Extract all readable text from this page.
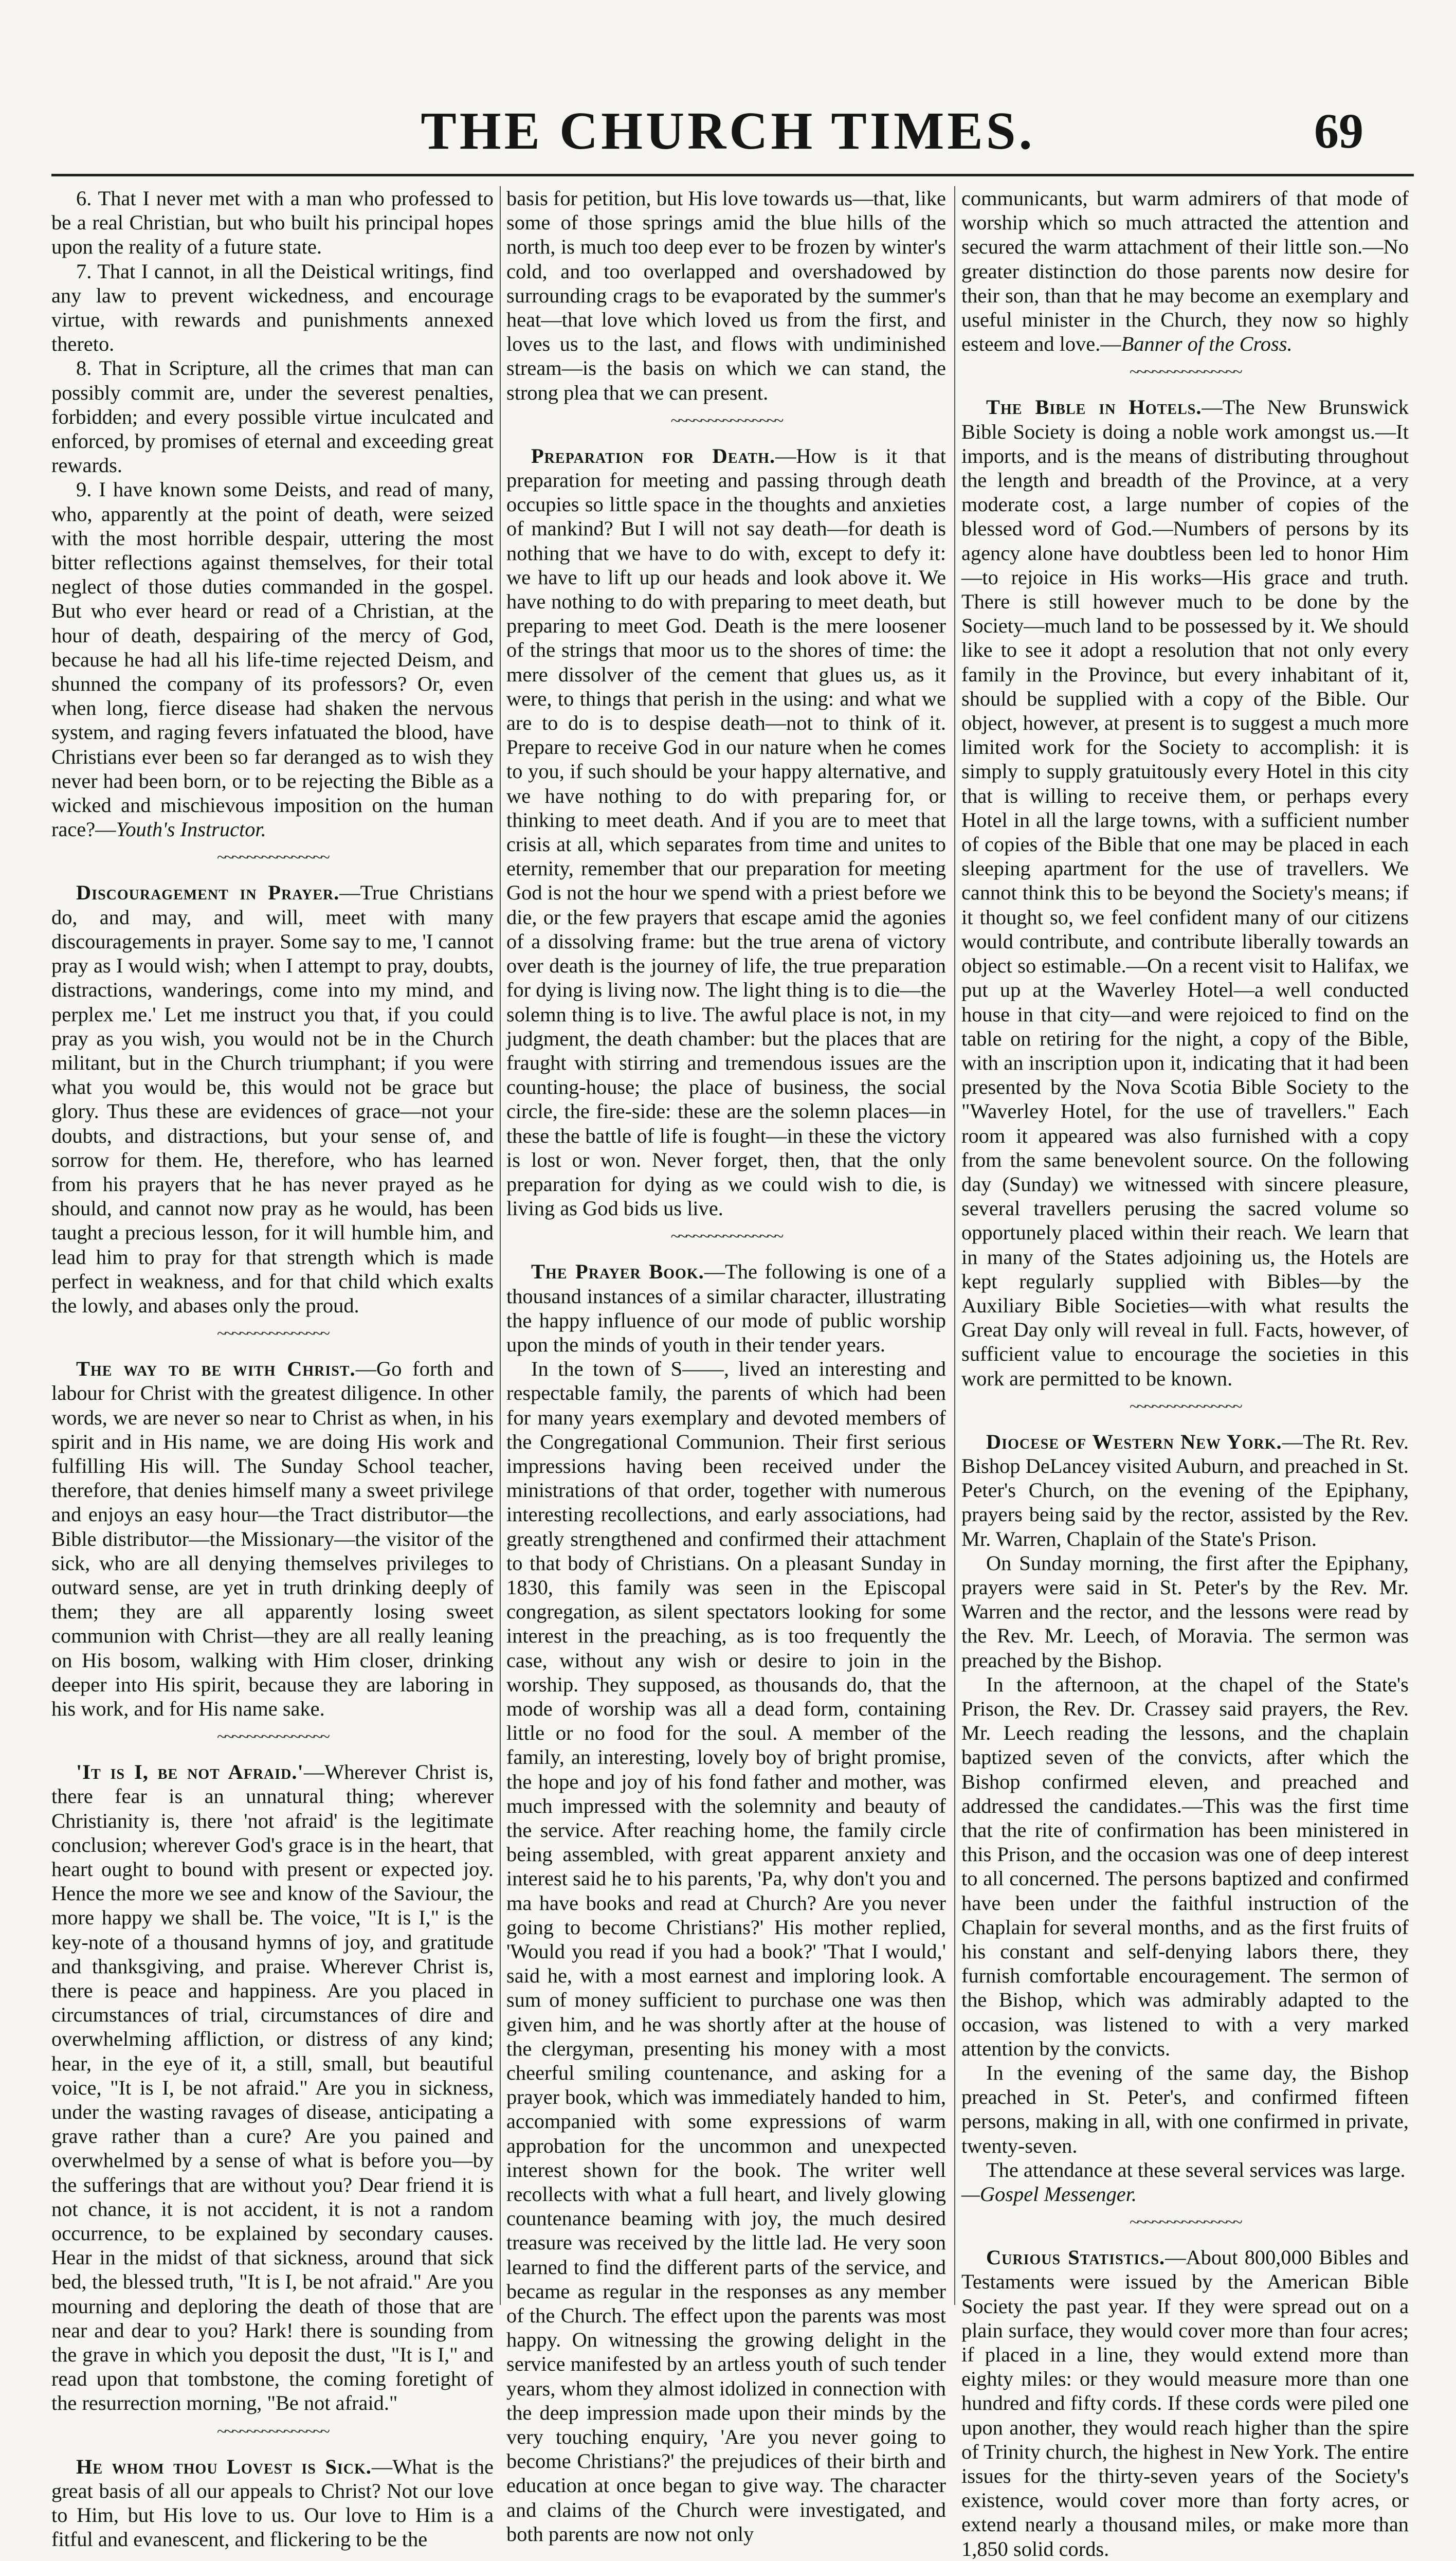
THE CHURCH TIMES.	69

6. That I never met with a man who professed to be a real Christian, but who built his principal hopes upon the reality of a future state.

7. That I cannot, in all the Deistical writings, find any law to prevent wickedness, and encourage virtue, with rewards and punishments annexed thereto.

8. That in Scripture, all the crimes that man can possibly commit are, under the severest penalties, forbidden; and every possible virtue inculcated and enforced, by promises of eternal and exceeding great rewards.

9. I have known some Deists, and read of many, who, apparently at the point of death, were seized with the most horrible despair, uttering the most bitter reflections against themselves, for their total neglect of those duties commanded in the gospel. But who ever heard or read of a Christian, at the hour of death, despairing of the mercy of God, because he had all his life-time rejected Deism, and shunned the company of its professors? Or, even when long, fierce disease had shaken the nervous system, and raging fevers infatuated the blood, have Christians ever been so far deranged as to wish they never had been born, or to be rejecting the Bible as a wicked and mischievous imposition on the human race?—Youth's Instructor.

~~~~~~~~~~~~~~~

Discouragement in Prayer.—True Christians do, and may, and will, meet with many discouragements in prayer. Some say to me, 'I cannot pray as I would wish; when I attempt to pray, doubts, distractions, wanderings, come into my mind, and perplex me.' Let me instruct you that, if you could pray as you wish, you would not be in the Church militant, but in the Church triumphant; if you were what you would be, this would not be grace but glory. Thus these are evidences of grace—not your doubts, and distractions, but your sense of, and sorrow for them. He, therefore, who has learned from his prayers that he has never prayed as he should, and cannot now pray as he would, has been taught a precious lesson, for it will humble him, and lead him to pray for that strength which is made perfect in weakness, and for that child which exalts the lowly, and abases only the proud.

~~~~~~~~~~~~~~~

The way to be with Christ.—Go forth and labour for Christ with the greatest diligence. In other words, we are never so near to Christ as when, in his spirit and in His name, we are doing His work and fulfilling His will. The Sunday School teacher, therefore, that denies himself many a sweet privilege and enjoys an easy hour—the Tract distributor—the Bible distributor—the Missionary—the visitor of the sick, who are all denying themselves privileges to outward sense, are yet in truth drinking deeply of them; they are all apparently losing sweet communion with Christ—they are all really leaning on His bosom, walking with Him closer, drinking deeper into His spirit, because they are laboring in his work, and for His name sake.

~~~~~~~~~~~~~~~

'It is I, be not Afraid.'—Wherever Christ is, there fear is an unnatural thing; wherever Christianity is, there 'not afraid' is the legitimate conclusion; wherever God's grace is in the heart, that heart ought to bound with present or expected joy. Hence the more we see and know of the Saviour, the more happy we shall be. The voice, "It is I," is the key-note of a thousand hymns of joy, and gratitude and thanksgiving, and praise. Wherever Christ is, there is peace and happiness. Are you placed in circumstances of trial, circumstances of dire and overwhelming affliction, or distress of any kind; hear, in the eye of it, a still, small, but beautiful voice, "It is I, be not afraid." Are you in sickness, under the wasting ravages of disease, anticipating a grave rather than a cure? Are you pained and overwhelmed by a sense of what is before you—by the sufferings that are without you? Dear friend it is not chance, it is not accident, it is not a random occurrence, to be explained by secondary causes. Hear in the midst of that sickness, around that sick bed, the blessed truth, "It is I, be not afraid." Are you mourning and deploring the death of those that are near and dear to you? Hark! there is sounding from the grave in which you deposit the dust, "It is I," and read upon that tombstone, the coming foretight of the resurrection morning, "Be not afraid."

~~~~~~~~~~~~~~~

He whom thou Lovest is Sick.—What is the great basis of all our appeals to Christ? Not our love to Him, but His love to us. Our love to Him is a fitful and evanescent, and flickering to be the

basis for petition, but His love towards us—that, like some of those springs amid the blue hills of the north, is much too deep ever to be frozen by winter's cold, and too overlapped and overshadowed by surrounding crags to be evaporated by the summer's heat—that love which loved us from the first, and loves us to the last, and flows with undiminished stream—is the basis on which we can stand, the strong plea that we can present.

~~~~~~~~~~~~~~~

Preparation for Death.—How is it that preparation for meeting and passing through death occupies so little space in the thoughts and anxieties of mankind? But I will not say death—for death is nothing that we have to do with, except to defy it: we have to lift up our heads and look above it. We have nothing to do with preparing to meet death, but preparing to meet God. Death is the mere loosener of the strings that moor us to the shores of time: the mere dissolver of the cement that glues us, as it were, to things that perish in the using: and what we are to do is to despise death—not to think of it. Prepare to receive God in our nature when he comes to you, if such should be your happy alternative, and we have nothing to do with preparing for, or thinking to meet death. And if you are to meet that crisis at all, which separates from time and unites to eternity, remember that our preparation for meeting God is not the hour we spend with a priest before we die, or the few prayers that escape amid the agonies of a dissolving frame: but the true arena of victory over death is the journey of life, the true preparation for dying is living now. The light thing is to die—the solemn thing is to live. The awful place is not, in my judgment, the death chamber: but the places that are fraught with stirring and tremendous issues are the counting-house; the place of business, the social circle, the fire-side: these are the solemn places—in these the battle of life is fought—in these the victory is lost or won. Never forget, then, that the only preparation for dying as we could wish to die, is living as God bids us live.

~~~~~~~~~~~~~~~

The Prayer Book.—The following is one of a thousand instances of a similar character, illustrating the happy influence of our mode of public worship upon the minds of youth in their tender years.

In the town of S——, lived an interesting and respectable family, the parents of which had been for many years exemplary and devoted members of the Congregational Communion. Their first serious impressions having been received under the ministrations of that order, together with numerous interesting recollections, and early associations, had greatly strengthened and confirmed their attachment to that body of Christians. On a pleasant Sunday in 1830, this family was seen in the Episcopal congregation, as silent spectators looking for some interest in the preaching, as is too frequently the case, without any wish or desire to join in the worship. They supposed, as thousands do, that the mode of worship was all a dead form, containing little or no food for the soul. A member of the family, an interesting, lovely boy of bright promise, the hope and joy of his fond father and mother, was much impressed with the solemnity and beauty of the service. After reaching home, the family circle being assembled, with great apparent anxiety and interest said he to his parents, 'Pa, why don't you and ma have books and read at Church? Are you never going to become Christians?' His mother replied, 'Would you read if you had a book?' 'That I would,' said he, with a most earnest and imploring look. A sum of money sufficient to purchase one was then given him, and he was shortly after at the house of the clergyman, presenting his money with a most cheerful smiling countenance, and asking for a prayer book, which was immediately handed to him, accompanied with some expressions of warm approbation for the uncommon and unexpected interest shown for the book. The writer well recollects with what a full heart, and lively glowing countenance beaming with joy, the much desired treasure was received by the little lad. He very soon learned to find the different parts of the service, and became as regular in the responses as any member of the Church. The effect upon the parents was most happy. On witnessing the growing delight in the service manifested by an artless youth of such tender years, whom they almost idolized in connection with the deep impression made upon their minds by the very touching enquiry, 'Are you never going to become Christians?' the prejudices of their birth and education at once began to give way. The character and claims of the Church were investigated, and both parents are now not only

communicants, but warm admirers of that mode of worship which so much attracted the attention and secured the warm attachment of their little son.—No greater distinction do those parents now desire for their son, than that he may become an exemplary and useful minister in the Church, they now so highly esteem and love.—Banner of the Cross.

~~~~~~~~~~~~~~~

The Bible in Hotels.—The New Brunswick Bible Society is doing a noble work amongst us.—It imports, and is the means of distributing throughout the length and breadth of the Province, at a very moderate cost, a large number of copies of the blessed word of God.—Numbers of persons by its agency alone have doubtless been led to honor Him—to rejoice in His works—His grace and truth. There is still however much to be done by the Society—much land to be possessed by it. We should like to see it adopt a resolution that not only every family in the Province, but every inhabitant of it, should be supplied with a copy of the Bible. Our object, however, at present is to suggest a much more limited work for the Society to accomplish: it is simply to supply gratuitously every Hotel in this city that is willing to receive them, or perhaps every Hotel in all the large towns, with a sufficient number of copies of the Bible that one may be placed in each sleeping apartment for the use of travellers. We cannot think this to be beyond the Society's means; if it thought so, we feel confident many of our citizens would contribute, and contribute liberally towards an object so estimable.—On a recent visit to Halifax, we put up at the Waverley Hotel—a well conducted house in that city—and were rejoiced to find on the table on retiring for the night, a copy of the Bible, with an inscription upon it, indicating that it had been presented by the Nova Scotia Bible Society to the "Waverley Hotel, for the use of travellers." Each room it appeared was also furnished with a copy from the same benevolent source. On the following day (Sunday) we witnessed with sincere pleasure, several travellers perusing the sacred volume so opportunely placed within their reach. We learn that in many of the States adjoining us, the Hotels are kept regularly supplied with Bibles—by the Auxiliary Bible Societies—with what results the Great Day only will reveal in full. Facts, however, of sufficient value to encourage the societies in this work are permitted to be known.

~~~~~~~~~~~~~~~

Diocese of Western New York.—The Rt. Rev. Bishop DeLancey visited Auburn, and preached in St. Peter's Church, on the evening of the Epiphany, prayers being said by the rector, assisted by the Rev. Mr. Warren, Chaplain of the State's Prison.

On Sunday morning, the first after the Epiphany, prayers were said in St. Peter's by the Rev. Mr. Warren and the rector, and the lessons were read by the Rev. Mr. Leech, of Moravia. The sermon was preached by the Bishop.

In the afternoon, at the chapel of the State's Prison, the Rev. Dr. Crassey said prayers, the Rev. Mr. Leech reading the lessons, and the chaplain baptized seven of the convicts, after which the Bishop confirmed eleven, and preached and addressed the candidates.—This was the first time that the rite of confirmation has been ministered in this Prison, and the occasion was one of deep interest to all concerned. The persons baptized and confirmed have been under the faithful instruction of the Chaplain for several months, and as the first fruits of his constant and self-denying labors there, they furnish comfortable encouragement. The sermon of the Bishop, which was admirably adapted to the occasion, was listened to with a very marked attention by the convicts.

In the evening of the same day, the Bishop preached in St. Peter's, and confirmed fifteen persons, making in all, with one confirmed in private, twenty-seven.

The attendance at these several services was large.

—Gospel Messenger.

~~~~~~~~~~~~~~~

Curious Statistics.—About 800,000 Bibles and Testaments were issued by the American Bible Society the past year. If they were spread out on a plain surface, they would cover more than four acres; if placed in a line, they would extend more than eighty miles: or they would measure more than one hundred and fifty cords. If these cords were piled one upon another, they would reach higher than the spire of Trinity church, the highest in New York. The entire issues for the thirty-seven years of the Society's existence, would cover more than forty acres, or extend nearly a thousand miles, or make more than 1,850 solid cords.
